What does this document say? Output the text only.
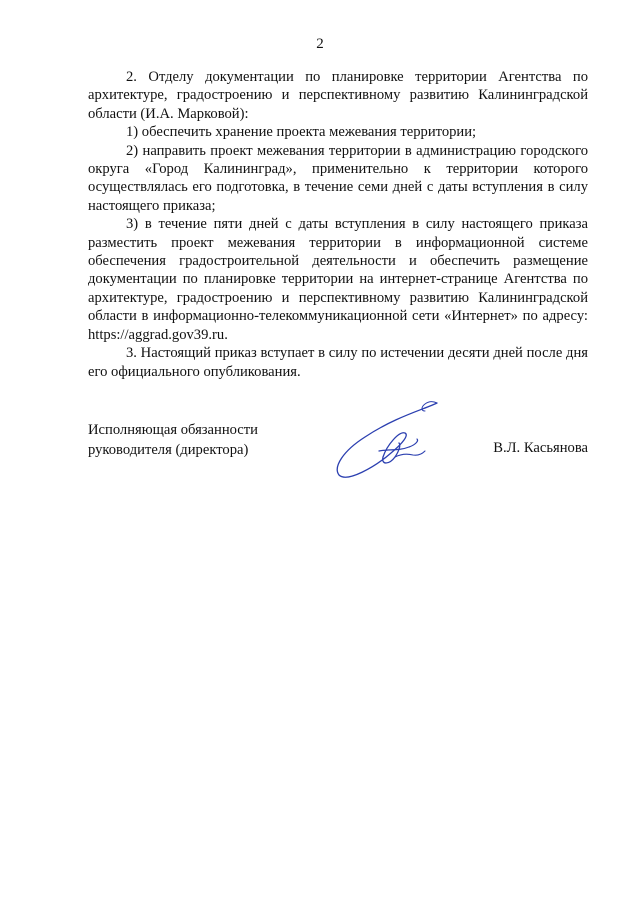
2

2. Отделу документации по планировке территории Агентства по архитектуре, градостроению и перспективному развитию Калининградской области (И.А. Марковой):

1) обеспечить хранение проекта межевания территории;

2) направить проект межевания территории в администрацию городского округа «Город Калининград», применительно к территории которого осуществлялась его подготовка, в течение семи дней с даты вступления в силу настоящего приказа;

3) в течение пяти дней с даты вступления в силу настоящего приказа разместить проект межевания территории в информационной системе обеспечения градостроительной деятельности и обеспечить размещение документации по планировке территории на интернет-странице Агентства по архитектуре, градостроению и перспективному развитию Калининградской области в информационно-телекоммуникационной сети «Интернет» по адресу: https://aggrad.gov39.ru.

3. Настоящий приказ вступает в силу по истечении десяти дней после дня его официального опубликования.

Исполняющая обязанности
руководителя (директора)	В.Л. Касьянова
